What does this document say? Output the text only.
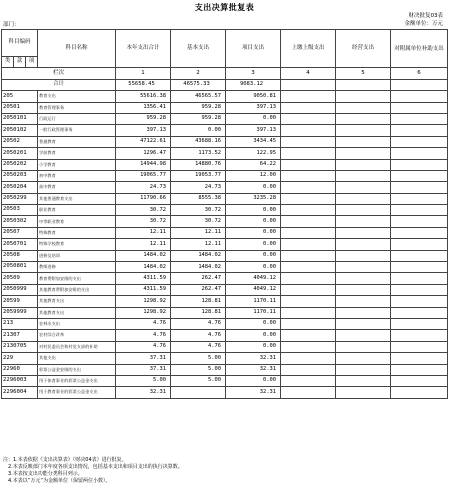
支出决算批复表
财决批复03表
部门：	金额单位：万元
科目编码			科目名称	本年支出合计	基本支出	项目支出	上缴上级支出	经营支出	对附属单位补助支出
类	款	项							
栏次				1	2	3	4	5	6
合计				55658.45	46575.33	9083.12			
205			教育支出	55616.38	46565.57	9050.81			
20501			教育管理事务	1356.41	959.28	397.13			
2050101			行政运行	959.28	959.28	0.00			
2050102			一般行政管理事务	397.13	0.00	397.13			
20502			普通教育	47122.61	43688.16	3434.45			
2050201			学前教育	1296.47	1173.52	122.95			
2050202			小学教育	14944.98	14880.76	64.22			
2050203			初中教育	19065.77	19053.77	12.00			
2050204			高中教育	24.73	24.73	0.00			
2050299			其他普通教育支出	11790.66	8555.38	3235.28			
20503			职业教育	30.72	30.72	0.00			
2050302			中等职业教育	30.72	30.72	0.00			
20507			特殊教育	12.11	12.11	0.00			
2050701			特殊学校教育	12.11	12.11	0.00			
20508			进修及培训	1484.02	1484.02	0.00			
2050801			教师进修	1484.02	1484.02	0.00			
20509			教育费附加安排的支出	4311.59	262.47	4049.12			
2050999			其他教育费附加安排的支出	4311.59	262.47	4049.12			
20599			其他教育支出	1298.92	128.81	1170.11			
2059999			其他教育支出	1298.92	128.81	1170.11			
213			农林水支出	4.76	4.76	0.00			
21307			农村综合改革	4.76	4.76	0.00			
2130705			对村民委员会和村党支部的补助	4.76	4.76	0.00			
229			其他支出	37.31	5.00	32.31			
22960			彩票公益金安排的支出	37.31	5.00	32.31			
2296003			用于体育事业的彩票公益金支出	5.00	5.00	0.00			
2296004			用于教育事业的彩票公益金支出	32.31		32.31			
注：1.本表依据《支出决算表》（财决04表）进行批复。
　2.本表反映部门本年度各项支出情况，包括基本支出和项目支出的执行决算数。
　3.本表按支出功能分类科目列示。
　4.本表以“万元”为金额单位（保留两位小数）。
